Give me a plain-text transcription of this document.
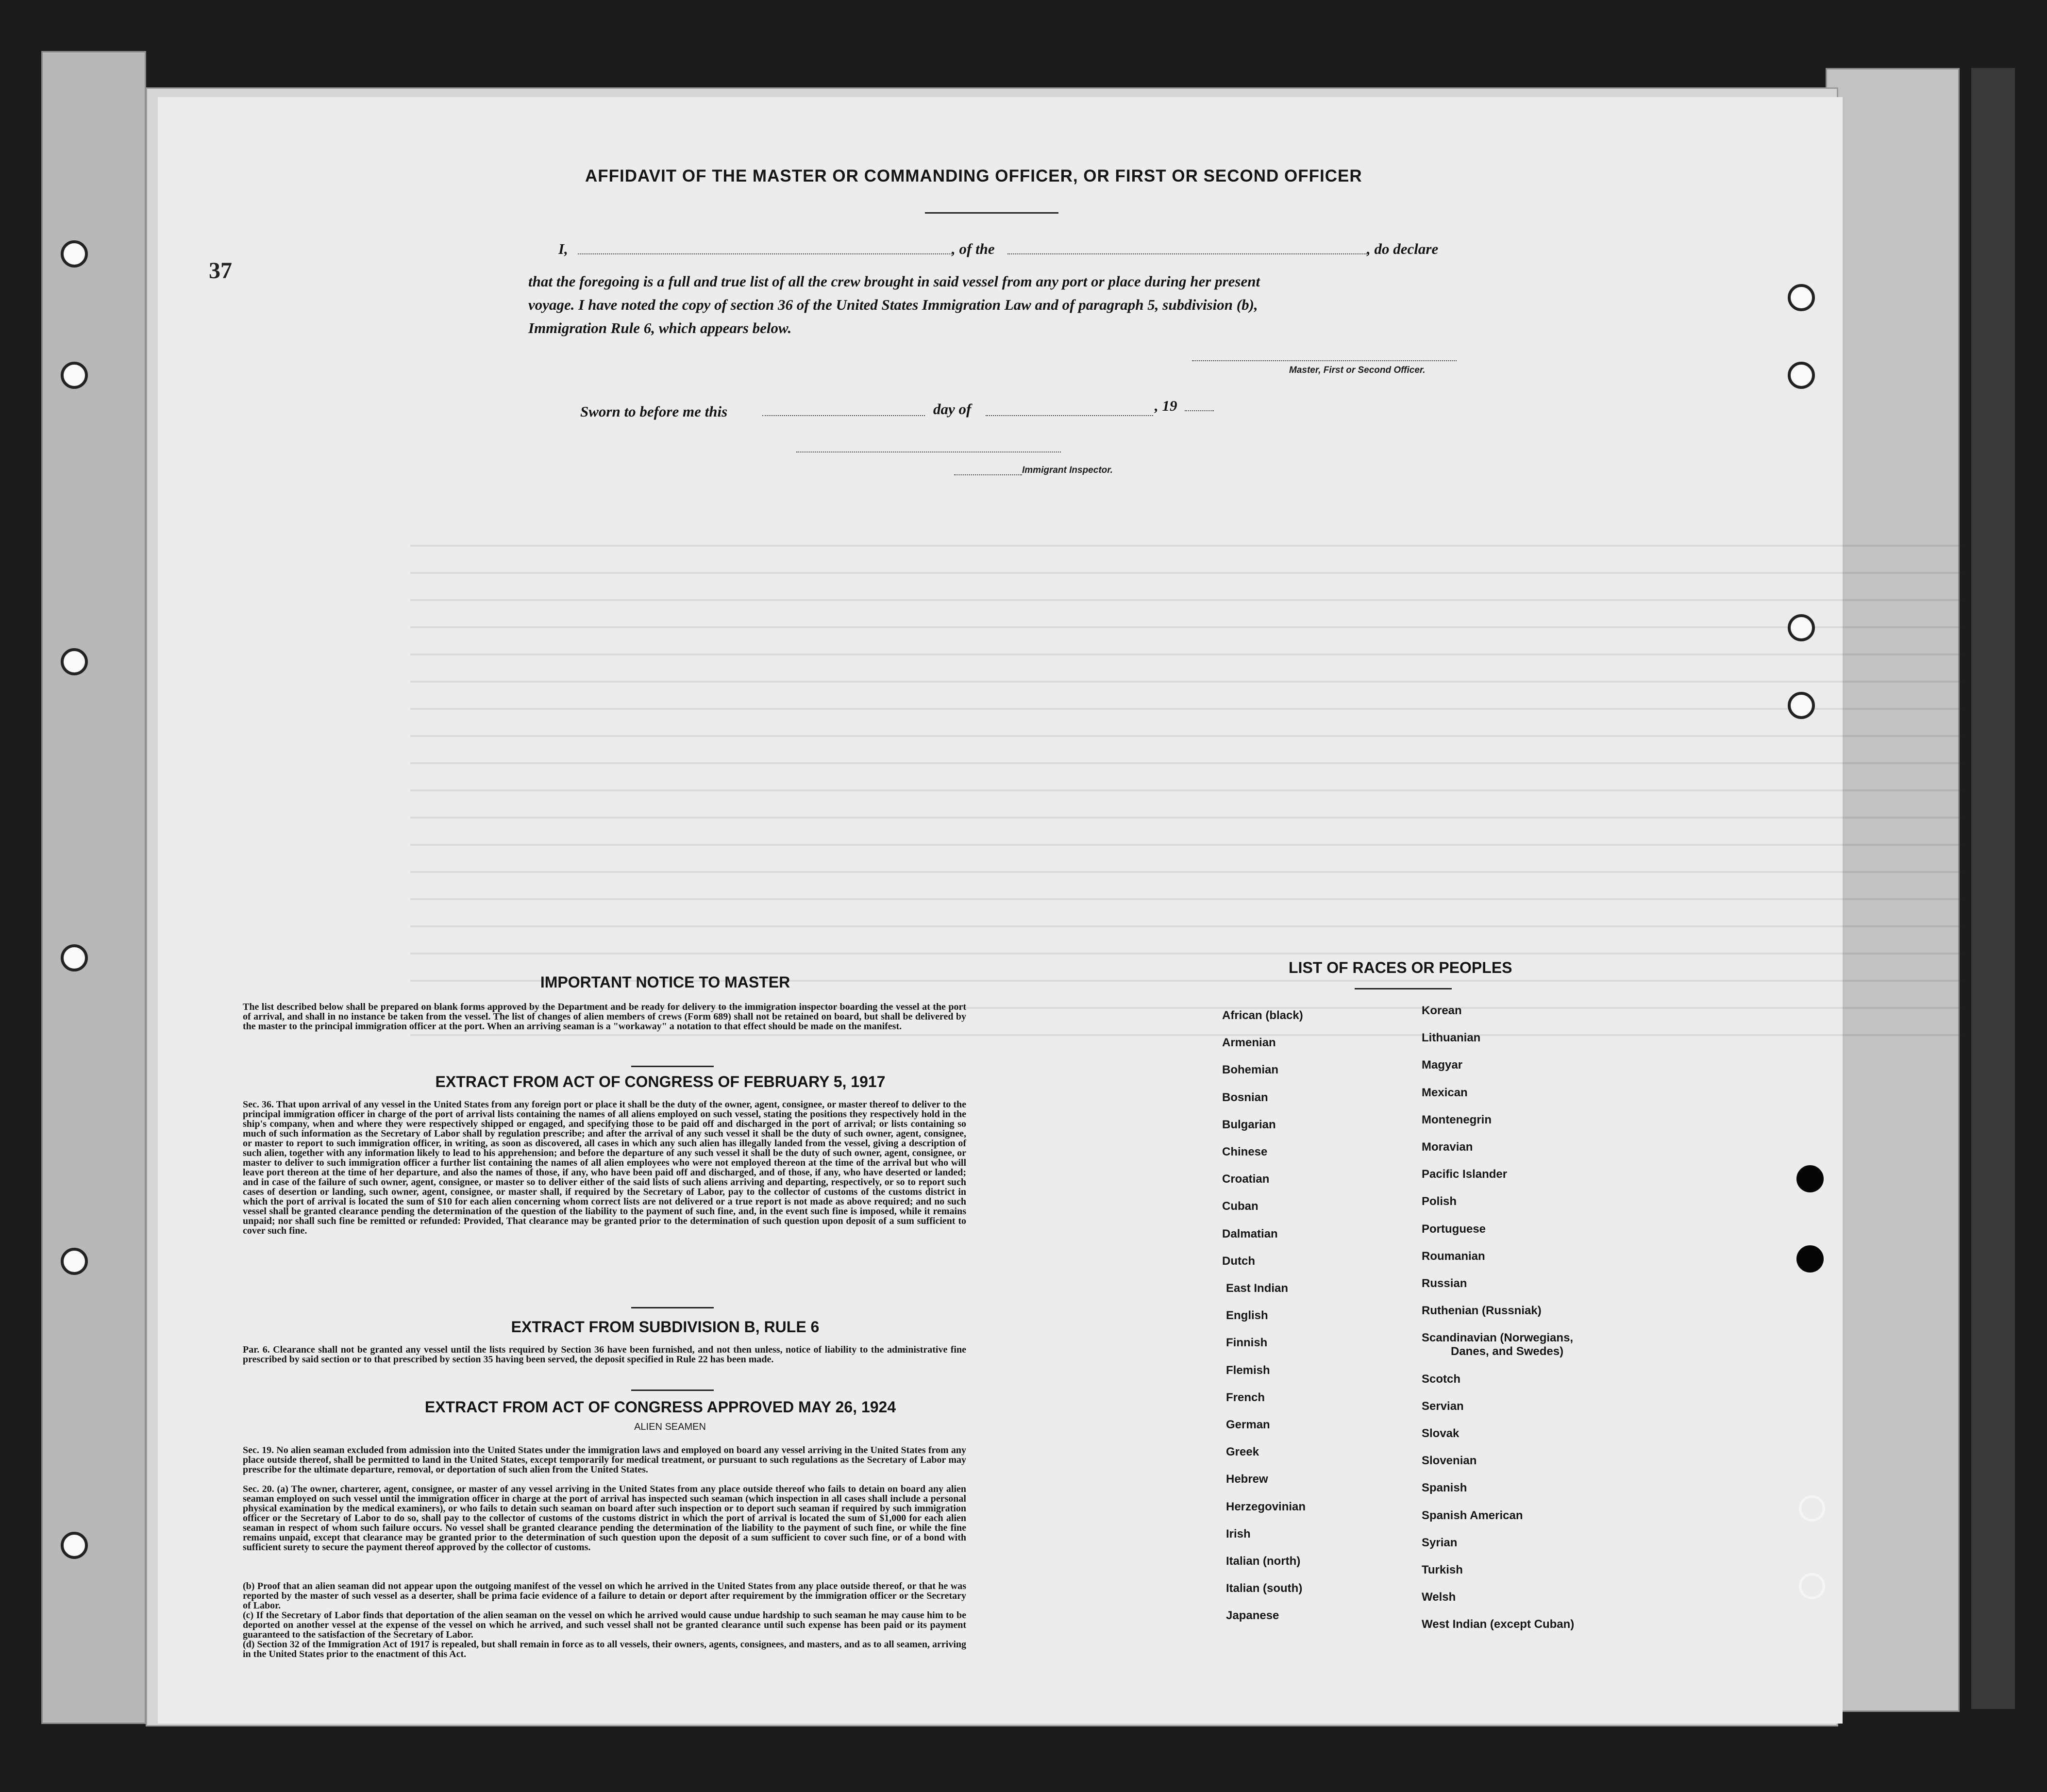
AFFIDAVIT OF THE MASTER OR COMMANDING OFFICER, OR FIRST OR SECOND OFFICER
37
I,	, of the	, do declare
that the foregoing is a full and true list of all the crew brought in said vessel from any port or place during her present
voyage. I have noted the copy of section 36 of the United States Immigration Law and of paragraph 5, subdivision (b),
Immigration Rule 6, which appears below.
Master, First or Second Officer.
Sworn to before me this	day of	, 19
Immigrant Inspector.
IMPORTANT NOTICE TO MASTER
The list described below shall be prepared on blank forms approved by the Department and be ready for delivery to the immigration inspector boarding the vessel at the port of arrival, and shall in no instance be taken from the vessel. The list of changes of alien members of crews (Form 689) shall not be retained on board, but shall be delivered by the master to the principal immigration officer at the port. When an arriving seaman is a "workaway" a notation to that effect should be made on the manifest.
EXTRACT FROM ACT OF CONGRESS OF FEBRUARY 5, 1917
Sec. 36. That upon arrival of any vessel in the United States from any foreign port or place it shall be the duty of the owner, agent, consignee, or master thereof to deliver to the principal immigration officer in charge of the port of arrival lists containing the names of all aliens employed on such vessel, stating the positions they respectively hold in the ship's company, when and where they were respectively shipped or engaged, and specifying those to be paid off and discharged in the port of arrival; or lists containing so much of such information as the Secretary of Labor shall by regulation prescribe; and after the arrival of any such vessel it shall be the duty of such owner, agent, consignee, or master to report to such immigration officer, in writing, as soon as discovered, all cases in which any such alien has illegally landed from the vessel, giving a description of such alien, together with any information likely to lead to his apprehension; and before the departure of any such vessel it shall be the duty of such owner, agent, consignee, or master to deliver to such immigration officer a further list containing the names of all alien employees who were not employed thereon at the time of the arrival but who will leave port thereon at the time of her departure, and also the names of those, if any, who have been paid off and discharged, and of those, if any, who have deserted or landed; and in case of the failure of such owner, agent, consignee, or master so to deliver either of the said lists of such aliens arriving and departing, respectively, or so to report such cases of desertion or landing, such owner, agent, consignee, or master shall, if required by the Secretary of Labor, pay to the collector of customs of the customs district in which the port of arrival is located the sum of $10 for each alien concerning whom correct lists are not delivered or a true report is not made as above required; and no such vessel shall be granted clearance pending the determination of the question of the liability to the payment of such fine, and, in the event such fine is imposed, while it remains unpaid; nor shall such fine be remitted or refunded: Provided, That clearance may be granted prior to the determination of such question upon deposit of a sum sufficient to cover such fine.
EXTRACT FROM SUBDIVISION B, RULE 6
Par. 6. Clearance shall not be granted any vessel until the lists required by Section 36 have been furnished, and not then unless, notice of liability to the administrative fine prescribed by said section or to that prescribed by section 35 having been served, the deposit specified in Rule 22 has been made.
EXTRACT FROM ACT OF CONGRESS APPROVED MAY 26, 1924
ALIEN SEAMEN
Sec. 19. No alien seaman excluded from admission into the United States under the immigration laws and employed on board any vessel arriving in the United States from any place outside thereof, shall be permitted to land in the United States, except temporarily for medical treatment, or pursuant to such regulations as the Secretary of Labor may prescribe for the ultimate departure, removal, or deportation of such alien from the United States.
Sec. 20. (a) The owner, charterer, agent, consignee, or master of any vessel arriving in the United States from any place outside thereof who fails to detain on board any alien seaman employed on such vessel until the immigration officer in charge at the port of arrival has inspected such seaman (which inspection in all cases shall include a personal physical examination by the medical examiners), or who fails to detain such seaman on board after such inspection or to deport such seaman if required by such immigration officer or the Secretary of Labor to do so, shall pay to the collector of customs of the customs district in which the port of arrival is located the sum of $1,000 for each alien seaman in respect of whom such failure occurs. No vessel shall be granted clearance pending the determination of the liability to the payment of such fine, or while the fine remains unpaid, except that clearance may be granted prior to the determination of such question upon the deposit of a sum sufficient to cover such fine, or of a bond with sufficient surety to secure the payment thereof approved by the collector of customs.
(b) Proof that an alien seaman did not appear upon the outgoing manifest of the vessel on which he arrived in the United States from any place outside thereof, or that he was reported by the master of such vessel as a deserter, shall be prima facie evidence of a failure to detain or deport after requirement by the immigration officer or the Secretary of Labor.
(c) If the Secretary of Labor finds that deportation of the alien seaman on the vessel on which he arrived would cause undue hardship to such seaman he may cause him to be deported on another vessel at the expense of the vessel on which he arrived, and such vessel shall not be granted clearance until such expense has been paid or its payment guaranteed to the satisfaction of the Secretary of Labor.
(d) Section 32 of the Immigration Act of 1917 is repealed, but shall remain in force as to all vessels, their owners, agents, consignees, and masters, and as to all seamen, arriving in the United States prior to the enactment of this Act.
LIST OF RACES OR PEOPLES
African (black)
Armenian
Bohemian
Bosnian
Bulgarian
Chinese
Croatian
Cuban
Dalmatian
Dutch
East Indian
English
Finnish
Flemish
French
German
Greek
Hebrew
Herzegovinian
Irish
Italian (north)
Italian (south)
Japanese
Korean
Lithuanian
Magyar
Mexican
Montenegrin
Moravian
Pacific Islander
Polish
Portuguese
Roumanian
Russian
Ruthenian (Russniak)
Scandinavian (Norwegians,
Danes, and Swedes)
Scotch
Servian
Slovak
Slovenian
Spanish
Spanish American
Syrian
Turkish
Welsh
West Indian (except Cuban)
